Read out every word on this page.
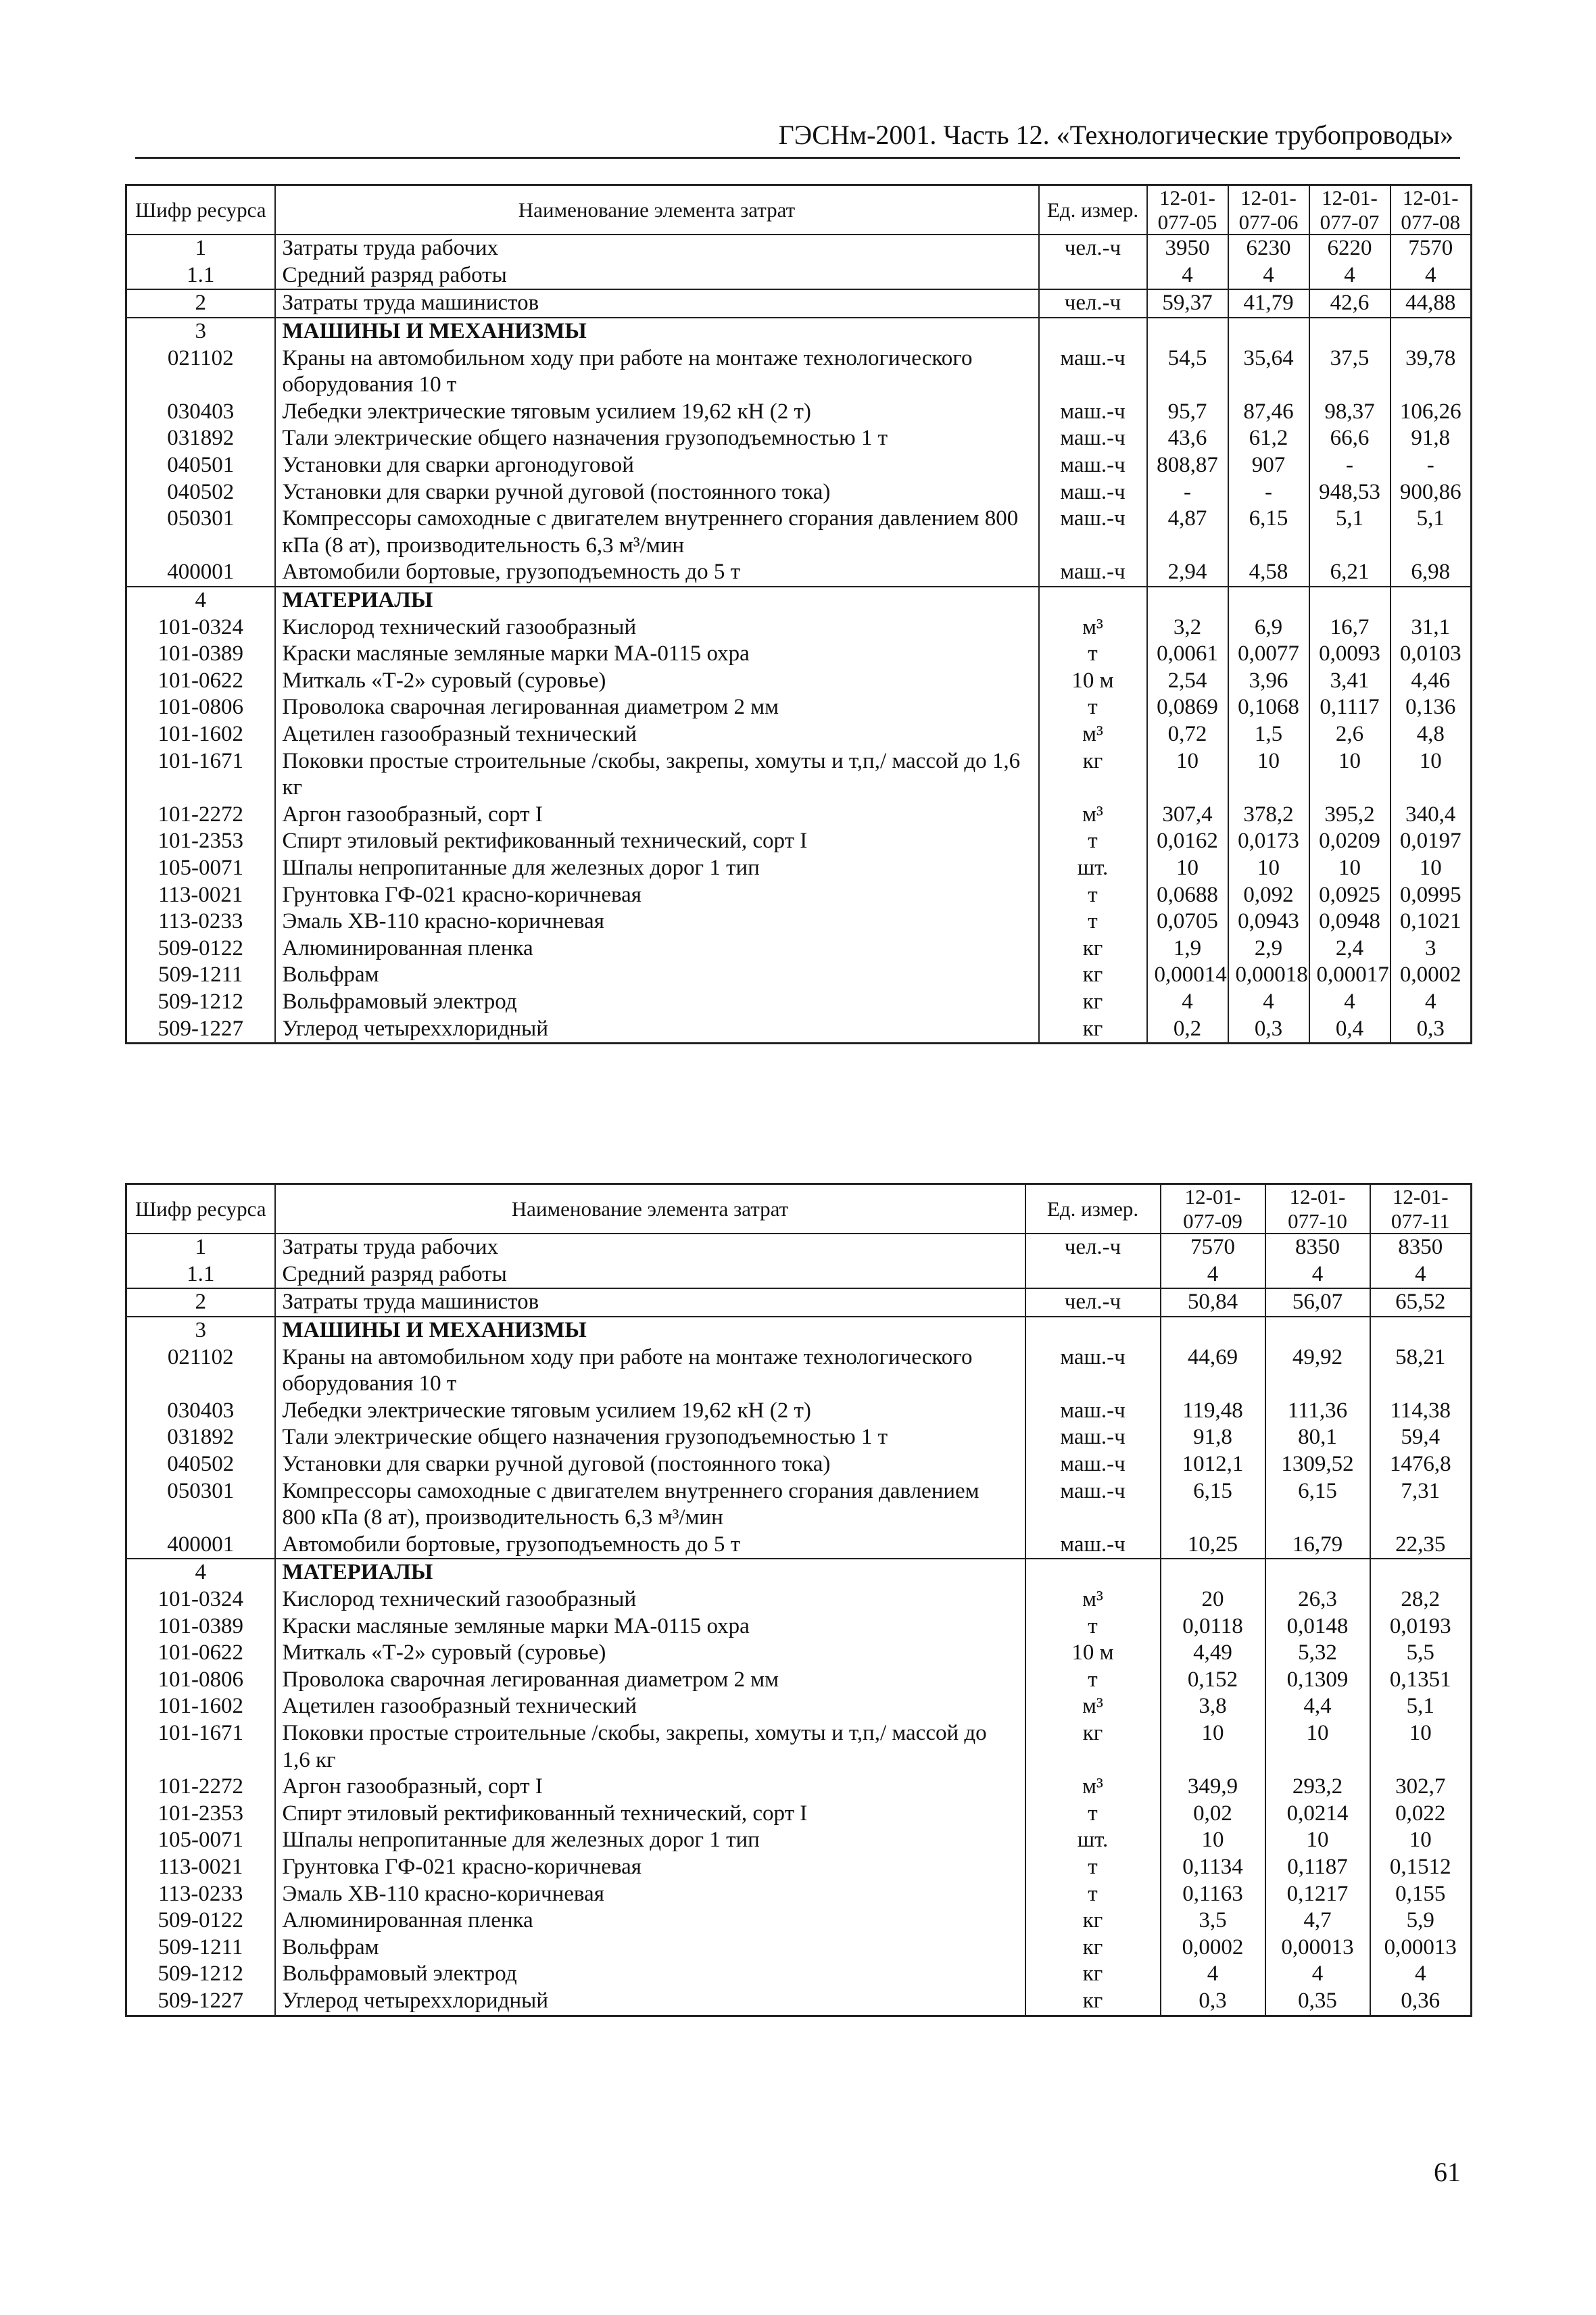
ГЭСНм-2001. Часть 12. «Технологические трубопроводы»
Шифр ресурса	Наименование элемента затрат	Ед. измер.	12-01-077-05	12-01-077-06	12-01-077-07	12-01-077-08
1	Затраты труда рабочих	чел.-ч	3950	6230	6220	7570
1.1	Средний разряд работы		4	4	4	4
2	Затраты труда машинистов	чел.-ч	59,37	41,79	42,6	44,88
3	МАШИНЫ И МЕХАНИЗМЫ					
021102	Краны на автомобильном ходу при работе на монтаже технологического оборудования 10 т	маш.-ч	54,5	35,64	37,5	39,78
030403	Лебедки электрические тяговым усилием 19,62 кН (2 т)	маш.-ч	95,7	87,46	98,37	106,26
031892	Тали электрические общего назначения грузоподъемностью 1 т	маш.-ч	43,6	61,2	66,6	91,8
040501	Установки для сварки аргонодуговой	маш.-ч	808,87	907	-	-
040502	Установки для сварки ручной дуговой (постоянного тока)	маш.-ч	-	-	948,53	900,86
050301	Компрессоры самоходные с двигателем внутреннего сгорания давлением 800 кПа (8 ат), производительность 6,3 м³/мин	маш.-ч	4,87	6,15	5,1	5,1
400001	Автомобили бортовые, грузоподъемность до 5 т	маш.-ч	2,94	4,58	6,21	6,98
4	МАТЕРИАЛЫ					
101-0324	Кислород технический газообразный	м³	3,2	6,9	16,7	31,1
101-0389	Краски масляные земляные марки МА-0115 охра	т	0,0061	0,0077	0,0093	0,0103
101-0622	Миткаль «Т-2» суровый (суровье)	10 м	2,54	3,96	3,41	4,46
101-0806	Проволока сварочная легированная диаметром 2 мм	т	0,0869	0,1068	0,1117	0,136
101-1602	Ацетилен газообразный технический	м³	0,72	1,5	2,6	4,8
101-1671	Поковки простые строительные /скобы, закрепы, хомуты и т,п,/ массой до 1,6 кг	кг	10	10	10	10
101-2272	Аргон газообразный, сорт I	м³	307,4	378,2	395,2	340,4
101-2353	Спирт этиловый ректификованный технический, сорт I	т	0,0162	0,0173	0,0209	0,0197
105-0071	Шпалы непропитанные для железных дорог 1 тип	шт.	10	10	10	10
113-0021	Грунтовка ГФ-021 красно-коричневая	т	0,0688	0,092	0,0925	0,0995
113-0233	Эмаль ХВ-110 красно-коричневая	т	0,0705	0,0943	0,0948	0,1021
509-0122	Алюминированная пленка	кг	1,9	2,9	2,4	3
509-1211	Вольфрам	кг	0,00014	0,00018	0,00017	0,0002
509-1212	Вольфрамовый электрод	кг	4	4	4	4
509-1227	Углерод четыреххлоридный	кг	0,2	0,3	0,4	0,3
Шифр ресурса	Наименование элемента затрат	Ед. измер.	12-01-077-09	12-01-077-10	12-01-077-11
1	Затраты труда рабочих	чел.-ч	7570	8350	8350
1.1	Средний разряд работы		4	4	4
2	Затраты труда машинистов	чел.-ч	50,84	56,07	65,52
3	МАШИНЫ И МЕХАНИЗМЫ				
021102	Краны на автомобильном ходу при работе на монтаже технологического оборудования 10 т	маш.-ч	44,69	49,92	58,21
030403	Лебедки электрические тяговым усилием 19,62 кН (2 т)	маш.-ч	119,48	111,36	114,38
031892	Тали электрические общего назначения грузоподъемностью 1 т	маш.-ч	91,8	80,1	59,4
040502	Установки для сварки ручной дуговой (постоянного тока)	маш.-ч	1012,1	1309,52	1476,8
050301	Компрессоры самоходные с двигателем внутреннего сгорания давлением 800 кПа (8 ат), производительность 6,3 м³/мин	маш.-ч	6,15	6,15	7,31
400001	Автомобили бортовые, грузоподъемность до 5 т	маш.-ч	10,25	16,79	22,35
4	МАТЕРИАЛЫ				
101-0324	Кислород технический газообразный	м³	20	26,3	28,2
101-0389	Краски масляные земляные марки МА-0115 охра	т	0,0118	0,0148	0,0193
101-0622	Миткаль «Т-2» суровый (суровье)	10 м	4,49	5,32	5,5
101-0806	Проволока сварочная легированная диаметром 2 мм	т	0,152	0,1309	0,1351
101-1602	Ацетилен газообразный технический	м³	3,8	4,4	5,1
101-1671	Поковки простые строительные /скобы, закрепы, хомуты и т,п,/ массой до 1,6 кг	кг	10	10	10
101-2272	Аргон газообразный, сорт I	м³	349,9	293,2	302,7
101-2353	Спирт этиловый ректификованный технический, сорт I	т	0,02	0,0214	0,022
105-0071	Шпалы непропитанные для железных дорог 1 тип	шт.	10	10	10
113-0021	Грунтовка ГФ-021 красно-коричневая	т	0,1134	0,1187	0,1512
113-0233	Эмаль ХВ-110 красно-коричневая	т	0,1163	0,1217	0,155
509-0122	Алюминированная пленка	кг	3,5	4,7	5,9
509-1211	Вольфрам	кг	0,0002	0,00013	0,00013
509-1212	Вольфрамовый электрод	кг	4	4	4
509-1227	Углерод четыреххлоридный	кг	0,3	0,35	0,36
61
